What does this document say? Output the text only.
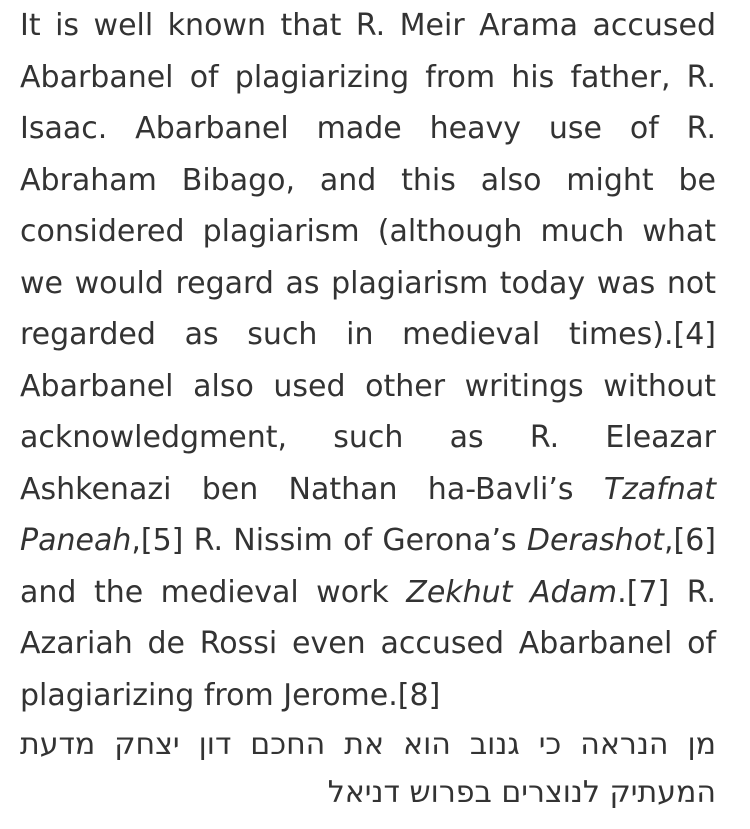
It is well known that R. Meir Arama accused Abarbanel of plagiarizing from his father, R. Isaac. Abarbanel made heavy use of R. Abraham Bibago, and this also might be considered plagiarism (although much what we would regard as plagiarism today was not regarded as such in medieval times).[4] Abarbanel also used other writings without acknowledgment, such as R. Eleazar Ashkenazi ben Nathan ha-Bavli’s Tzafnat Paneah,[5] R. Nissim of Gerona’s Derashot,[6] and the medieval work Zekhut Adam.[7] R. Azariah de Rossi even accused Abarbanel of plagiarizing from Jerome.[8]

מן הנראה כי גנוב הוא את החכם דון יצחק מדעת המעתיק לנוצרים בפרוש דניאל
